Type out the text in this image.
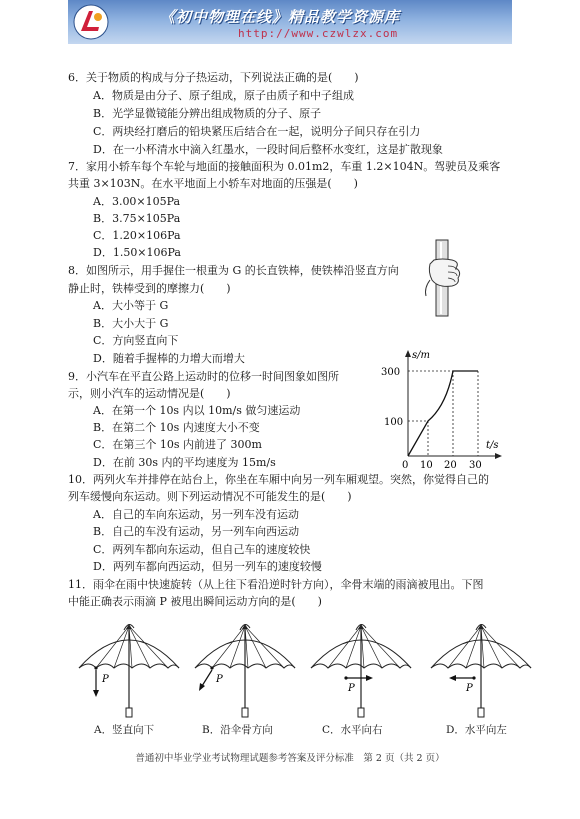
《初中物理在线》精品教学资源库
http://www.czwlzx.com
6．关于物质的构成与分子热运动，下列说法正确的是(　　)
A．物质是由分子、原子组成，原子由质子和中子组成
B．光学显微镜能分辨出组成物质的分子、原子
C．两块经打磨后的铅块紧压后结合在一起，说明分子间只存在引力
D．在一小杯清水中滴入红墨水，一段时间后整杯水变红，这是扩散现象
7．家用小轿车每个车轮与地面的接触面积为 0.01m2，车重 1.2×104N。驾驶员及乘客
共重 3×103N。在水平地面上小轿车对地面的压强是(　　)
A．3.00×105Pa
B．3.75×105Pa
C．1.20×106Pa
D．1.50×106Pa
8．如图所示，用手握住一根重为 G 的长直铁棒，使铁棒沿竖直方向
静止时，铁棒受到的摩擦力(　　)
A．大小等于 G
B．大小大于 G
C．方向竖直向下
D．随着手握棒的力增大而增大
9．小汽车在平直公路上运动时的位移一时间图象如图所
示，则小汽车的运动情况是(　　)
A．在第一个 10s 内以 10m/s 做匀速运动
B．在第二个 10s 内速度大小不变
C．在第三个 10s 内前进了 300m
D．在前 30s 内的平均速度为 15m/s
s/m
t/s
300
100
0 10 20 30
10．两列火车并排停在站台上，你坐在车厢中向另一列车厢观望。突然，你觉得自己的
列车缓慢向东运动。则下列运动情况不可能发生的是(　　)
A．自己的车向东运动，另一列车没有运动
B．自己的车没有运动，另一列车向西运动
C．两列车都向东运动，但自己车的速度较快
D．两列车都向西运动，但另一列车的速度较慢
11．雨伞在雨中快速旋转（从上往下看沿逆时针方向），伞骨末端的雨滴被甩出。下图
中能正确表示雨滴 P 被甩出瞬间运动方向的是(　　)
P
A．竖直向下
P
B．沿伞骨方向
P
C．水平向右
P
D．水平向左
普通初中毕业学业考试物理试题参考答案及评分标准　第 2 页（共 2 页）
